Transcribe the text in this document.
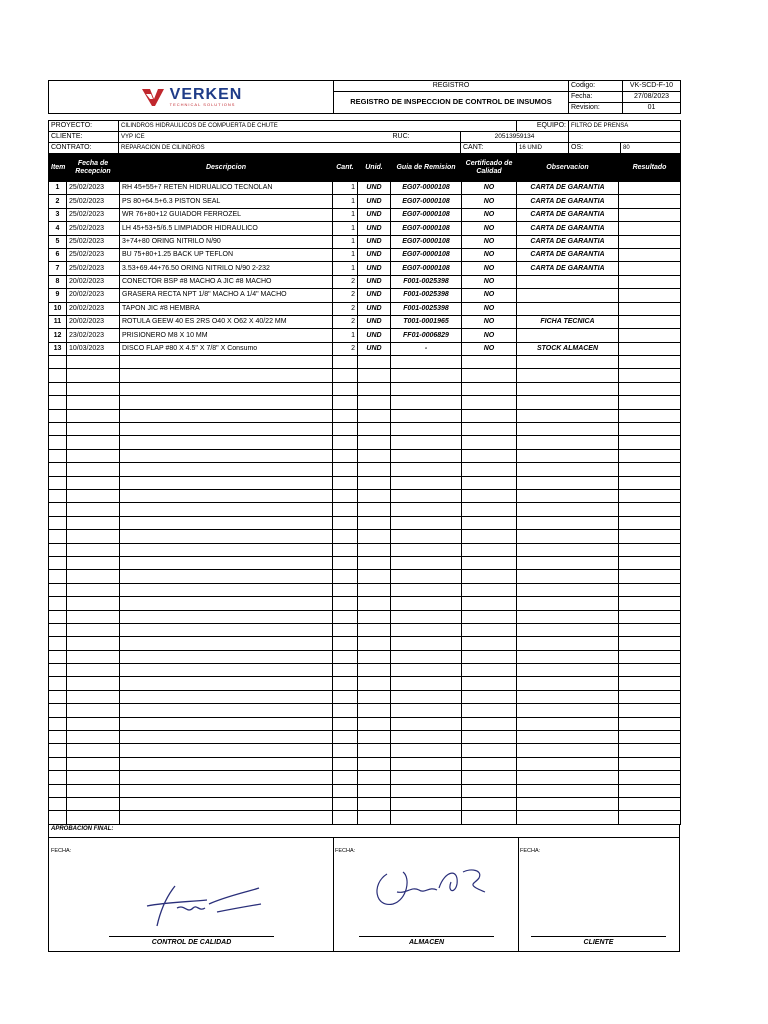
VERKEN
TECHNICAL SOLUTIONS	REGISTRO	Codigo:	VK-SCD-F-10
	REGISTRO DE INSPECCION DE CONTROL DE INSUMOS	Fecha:	27/08/2023
		Revision:	01
PROYECTO:	CILINDROS HIDRAULICOS DE COMPUERTA DE CHUTE			EQUIPO:	FILTRO DE PRENSA	
CLIENTE:	VYP ICE	RUC:	20513959134			
CONTRATO:	REPARACION DE CILINDROS		CANT:	16 UNID	OS:	80
Item	Fecha de Recepcion	Descripcion	Cant.	Unid.	Guia de Remision	Certificado de Calidad	Observacion	Resultado
1	25/02/2023	RH 45+55+7 RETEN HIDRUALICO TECNOLAN	1	UND	EG07-0000108	NO	CARTA DE GARANTIA	
2	25/02/2023	PS 80+64.5+6.3 PISTON SEAL	1	UND	EG07-0000108	NO	CARTA DE GARANTIA	
3	25/02/2023	WR 76+80+12 GUIADOR FERROZEL	1	UND	EG07-0000108	NO	CARTA DE GARANTIA	
4	25/02/2023	LH 45+53+5/6.5 LIMPIADOR HIDRAULICO	1	UND	EG07-0000108	NO	CARTA DE GARANTIA	
5	25/02/2023	3+74+80 ORING NITRILO N/90	1	UND	EG07-0000108	NO	CARTA DE GARANTIA	
6	25/02/2023	BU 75+80+1.25 BACK UP TEFLON	1	UND	EG07-0000108	NO	CARTA DE GARANTIA	
7	25/02/2023	3.53+69.44+76.50 ORING NITRILO N/90 2-232	1	UND	EG07-0000108	NO	CARTA DE GARANTIA	
8	20/02/2023	CONECTOR BSP #8 MACHO A JIC #8 MACHO	2	UND	F001-0025398	NO		
9	20/02/2023	GRASERA RECTA NPT 1/8" MACHO A 1/4" MACHO	2	UND	F001-0025398	NO		
10	20/02/2023	TAPON JIC #8 HEMBRA	2	UND	F001-0025398	NO		
11	20/02/2023	ROTULA GEEW 40 ES 2RS O40 X O62 X 40/22 MM	2	UND	T001-0001965	NO	FICHA TECNICA	
12	23/02/2023	PRISIONERO M8 X 10 MM	1	UND	FF01-0006829	NO		
13	10/03/2023	DISCO FLAP #80 X 4.5" X 7/8" X Consumo	2	UND	-	NO	STOCK ALMACEN	

APROBACION FINAL:
FECHA:	FECHA:	FECHA:
CONTROL DE CALIDAD	ALMACEN	CLIENTE
